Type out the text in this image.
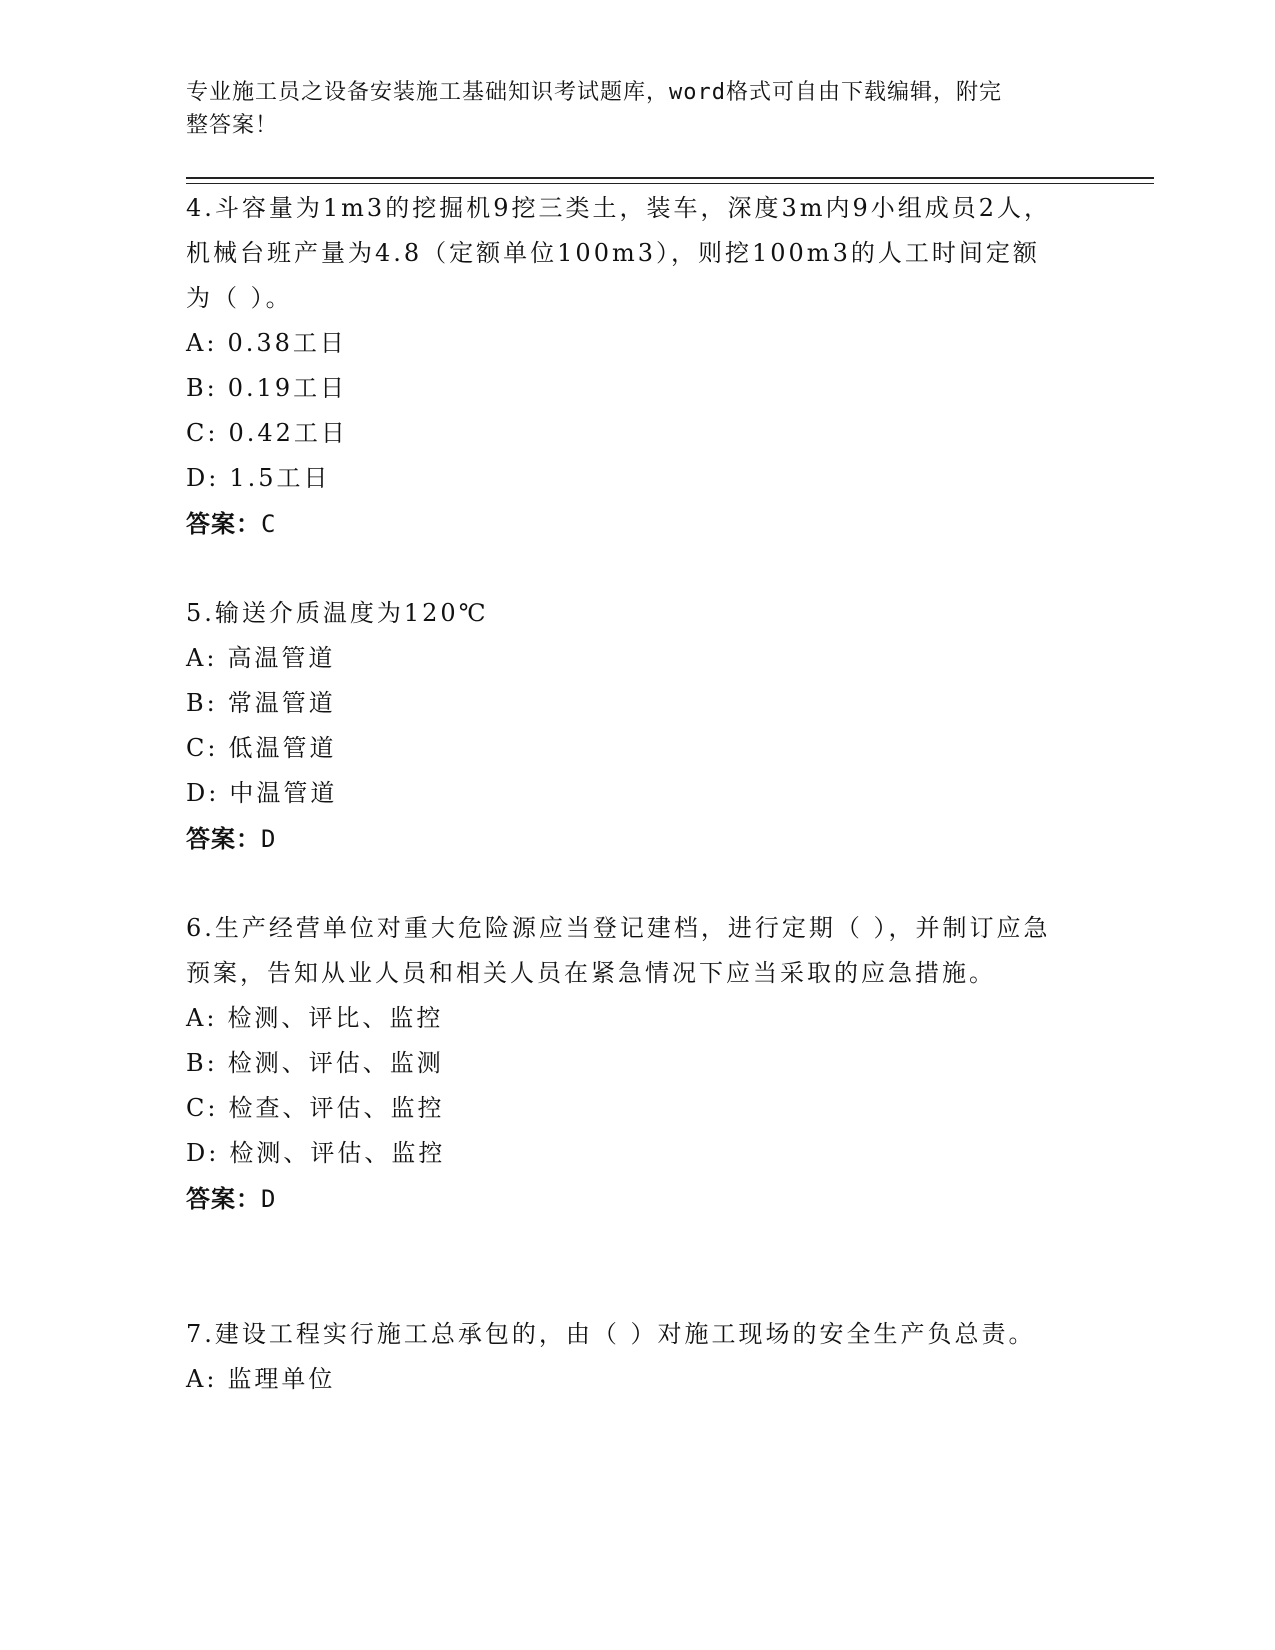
专业施工员之设备安装施工基础知识考试题库，word格式可自由下载编辑，附完
整答案！

4.斗容量为1m3的挖掘机9挖三类土，装车，深度3m内9小组成员2人，机械台班产量为4.8（定额单位100m3），则挖100m3的人工时间定额为（ ）。

A: 0.38工日

B: 0.19工日

C: 0.42工日

D: 1.5工日

答案：C

5.输送介质温度为120℃

A: 高温管道

B: 常温管道

C: 低温管道

D: 中温管道

答案：D

6.生产经营单位对重大危险源应当登记建档，进行定期（ ），并制订应急预案，告知从业人员和相关人员在紧急情况下应当采取的应急措施。

A: 检测、评比、监控

B: 检测、评估、监测

C: 检查、评估、监控

D: 检测、评估、监控

答案：D

7.建设工程实行施工总承包的，由（ ）对施工现场的安全生产负总责。

A: 监理单位
